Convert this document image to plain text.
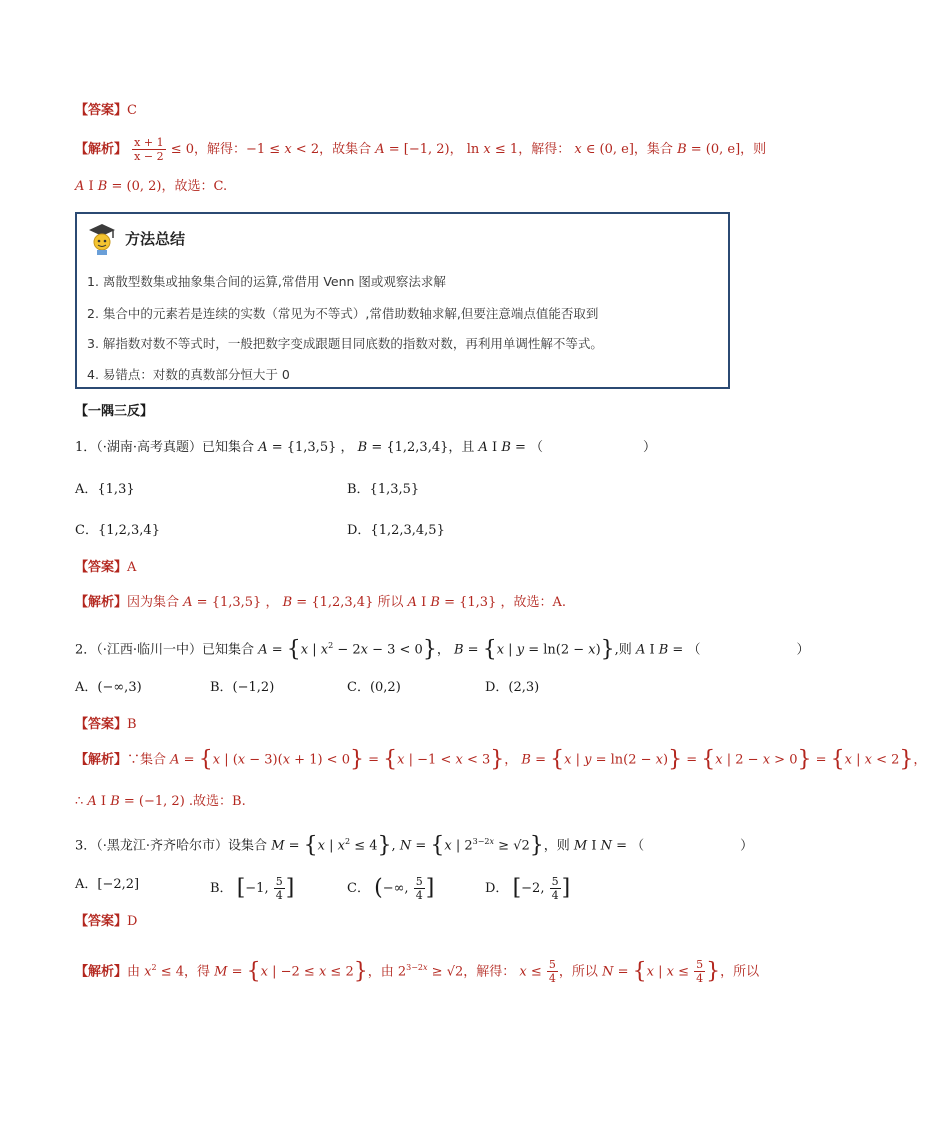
【答案】C
【解析】 $\frac{x + 1}{x - 2} \le 0$，解得：−1 ≤ x < 2，故集合 A = [−1, 2)， ln x ≤ 1，解得： x ∈ (0, e]，集合 B = (0, e]，则
A I B = (0, 2)，故选：C.
方法总结
1. 离散型数集或抽象集合间的运算,常借用 Venn 图或观察法求解
2. 集合中的元素若是连续的实数（常见为不等式）,常借助数轴求解,但要注意端点值能否取到
3. 解指数对数不等式时，一般把数字变成跟题目同底数的指数对数，再利用单调性解不等式。
4. 易错点：对数的真数部分恒大于 0
【一隅三反】
1．（·湖南·高考真题）已知集合 A = {1,3,5} ， B = {1,2,3,4}，且 A I B = （	）
A．{1,3}	B．{1,3,5}
C．{1,2,3,4}	D．{1,2,3,4,5}
【答案】A
【解析】因为集合 A = {1,3,5} ， B = {1,2,3,4} 所以 A I B = {1,3} ，故选：A.
2．（·江西·临川一中）已知集合 A = {x | $x^2 - 2x - 3 < 0$}， B = {x | y = ln(2 − x)},则 A I B = （	）
A．(−∞,3)	B．(−1,2)	C．(0,2)	D．(2,3)
【答案】B
【解析】∵集合 A = {x | (x − 3)(x + 1) < 0} = {x | −1 < x < 3}， B = {x | y = ln(2 − x)} = {x | 2 − x > 0} = {x | x < 2}，
∴ A I B = (−1, 2) .故选：B.
3．（·黑龙江·齐齐哈尔市）设集合 M = {x | $x^2 \le 4$}, N = {x | $2^{3-2x} \ge √2$}，则 M I N = （	）
A．[−2,2]	B． [−1, $\frac{5}{4}$ ]	C． (−∞, $\frac{5}{4}$ ]	D． [−2, $\frac{5}{4}$ ]
【答案】D
【解析】由 $x^2 \le 4$，得 M = {x | −2 ≤ x ≤ 2}，由 $2^{3-2x} \ge √2$，解得： $x \le \frac{5}{4}$ ，所以 N = {x | $x \le \frac{5}{4}$ }，所以
